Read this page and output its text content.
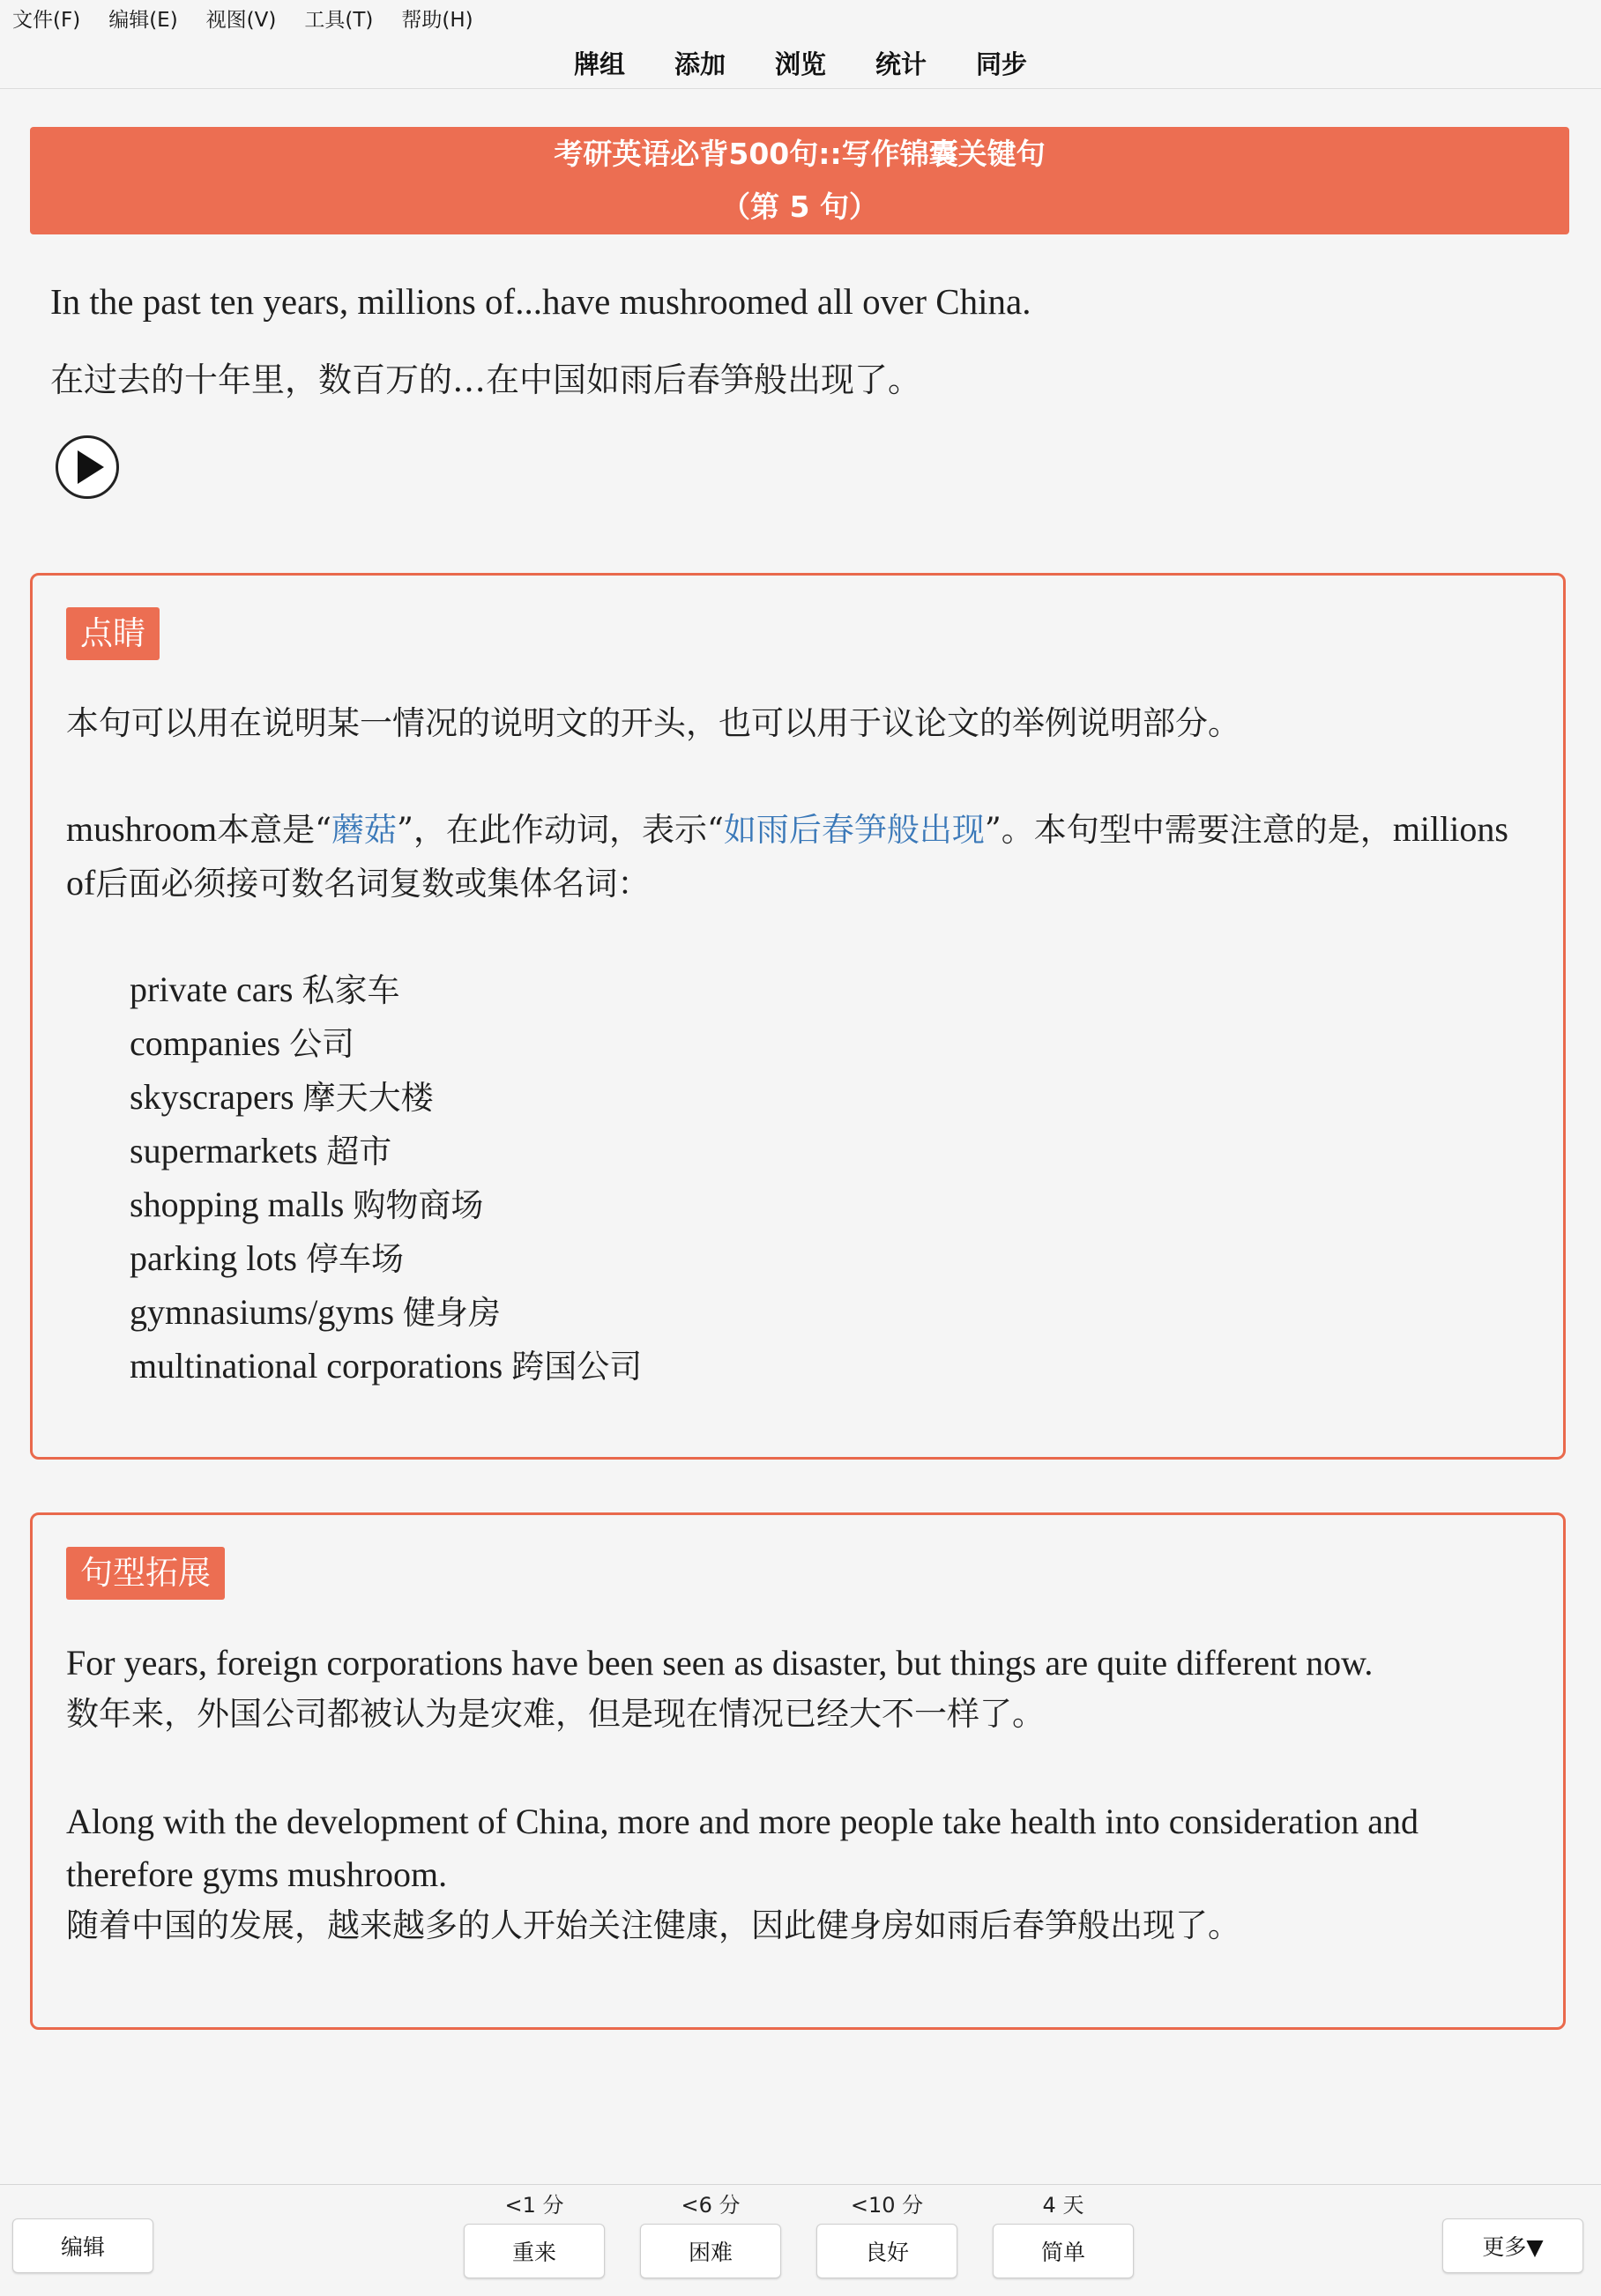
文件(F) 编辑(E) 视图(V) 工具(T) 帮助(H)
牌组 添加 浏览 统计 同步
考研英语必背500句::写作锦囊关键句
（第 5 句）
In the past ten years, millions of...have mushroomed all over China.
在过去的十年里，数百万的…在中国如雨后春笋般出现了。
点睛
本句可以用在说明某一情况的说明文的开头，也可以用于议论文的举例说明部分。
mushroom本意是“蘑菇”，在此作动词，表示“如雨后春笋般出现”。本句型中需要注意的是，millions of后面必须接可数名词复数或集体名词：
private cars 私家车
companies 公司
skyscrapers 摩天大楼
supermarkets 超市
shopping malls 购物商场
parking lots 停车场
gymnasiums/gyms 健身房
multinational corporations 跨国公司
句型拓展
For years, foreign corporations have been seen as disaster, but things are quite different now.
数年来，外国公司都被认为是灾难，但是现在情况已经大不一样了。
Along with the development of China, more and more people take health into consideration and therefore gyms mushroom.
随着中国的发展，越来越多的人开始关注健康，因此健身房如雨后春笋般出现了。
编辑
<1 分
重来
<6 分
困难
<10 分
良好
4 天
简单	更多▼
